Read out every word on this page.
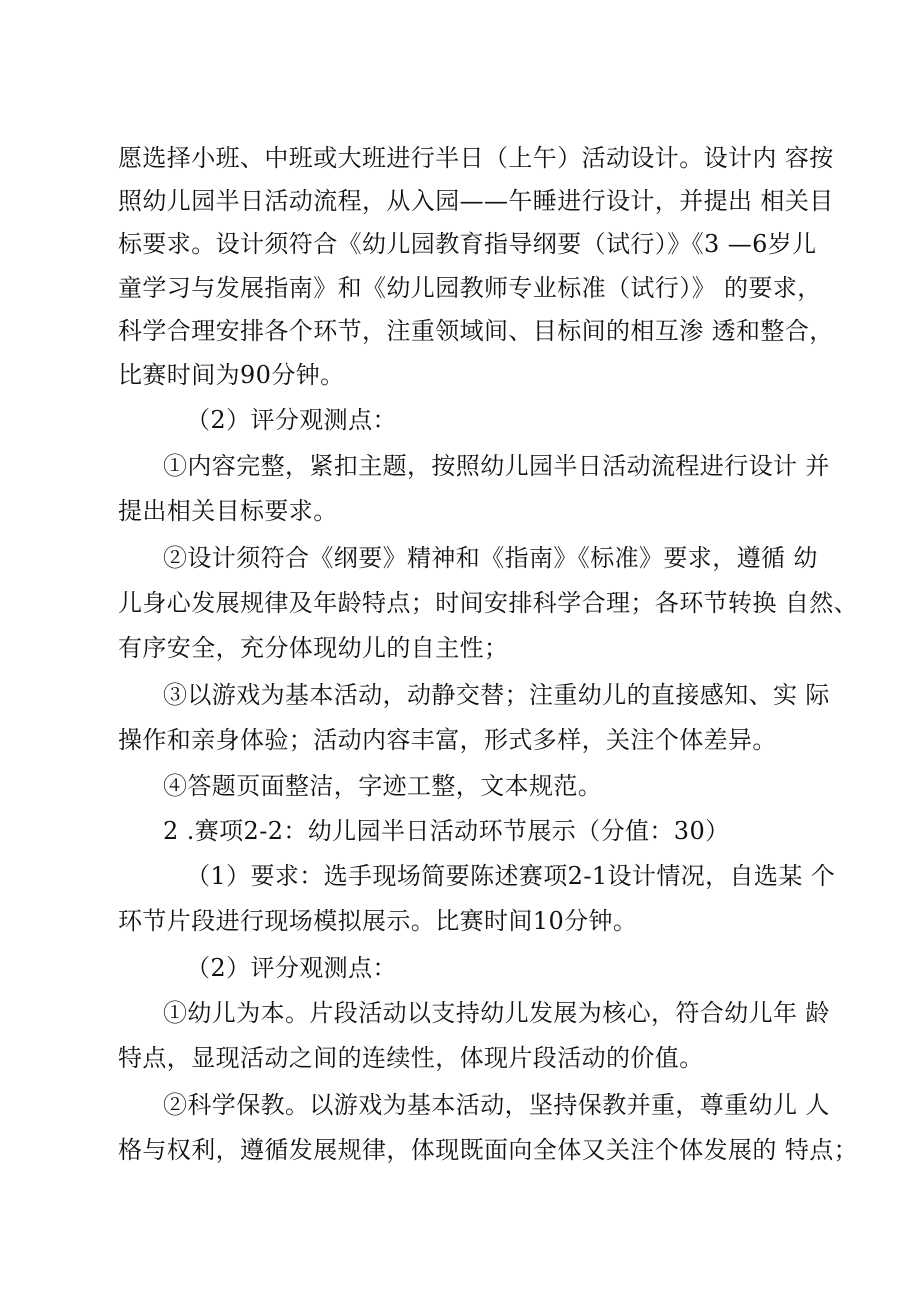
愿选择小班、中班或大班进行半日（上午）活动设计。设计内 容按

照幼儿园半日活动流程，从入园——午睡进行设计，并提出 相关目

标要求。设计须符合《幼儿园教育指导纲要（试行）》《3 —6岁儿

童学习与发展指南》和《幼儿园教师专业标准（试行）》 的要求，

科学合理安排各个环节，注重领域间、目标间的相互渗 透和整合，

比赛时间为90分钟。

（2）评分观测点：

①内容完整，紧扣主题，按照幼儿园半日活动流程进行设计 并

提出相关目标要求。

②设计须符合《纲要》精神和《指南》《标准》要求，遵循 幼

儿身心发展规律及年龄特点；时间安排科学合理；各环节转换 自然、

有序安全，充分体现幼儿的自主性；

③以游戏为基本活动，动静交替；注重幼儿的直接感知、实 际

操作和亲身体验；活动内容丰富，形式多样，关注个体差异。

④答题页面整洁，字迹工整，文本规范。

2 .赛项2-2：幼儿园半日活动环节展示（分值：30）

（1）要求：选手现场简要陈述赛项2-1设计情况，自选某 个

环节片段进行现场模拟展示。比赛时间10分钟。

（2）评分观测点：

①幼儿为本。片段活动以支持幼儿发展为核心，符合幼儿年 龄

特点，显现活动之间的连续性，体现片段活动的价值。

②科学保教。以游戏为基本活动，坚持保教并重，尊重幼儿 人

格与权利，遵循发展规律，体现既面向全体又关注个体发展的 特点；
